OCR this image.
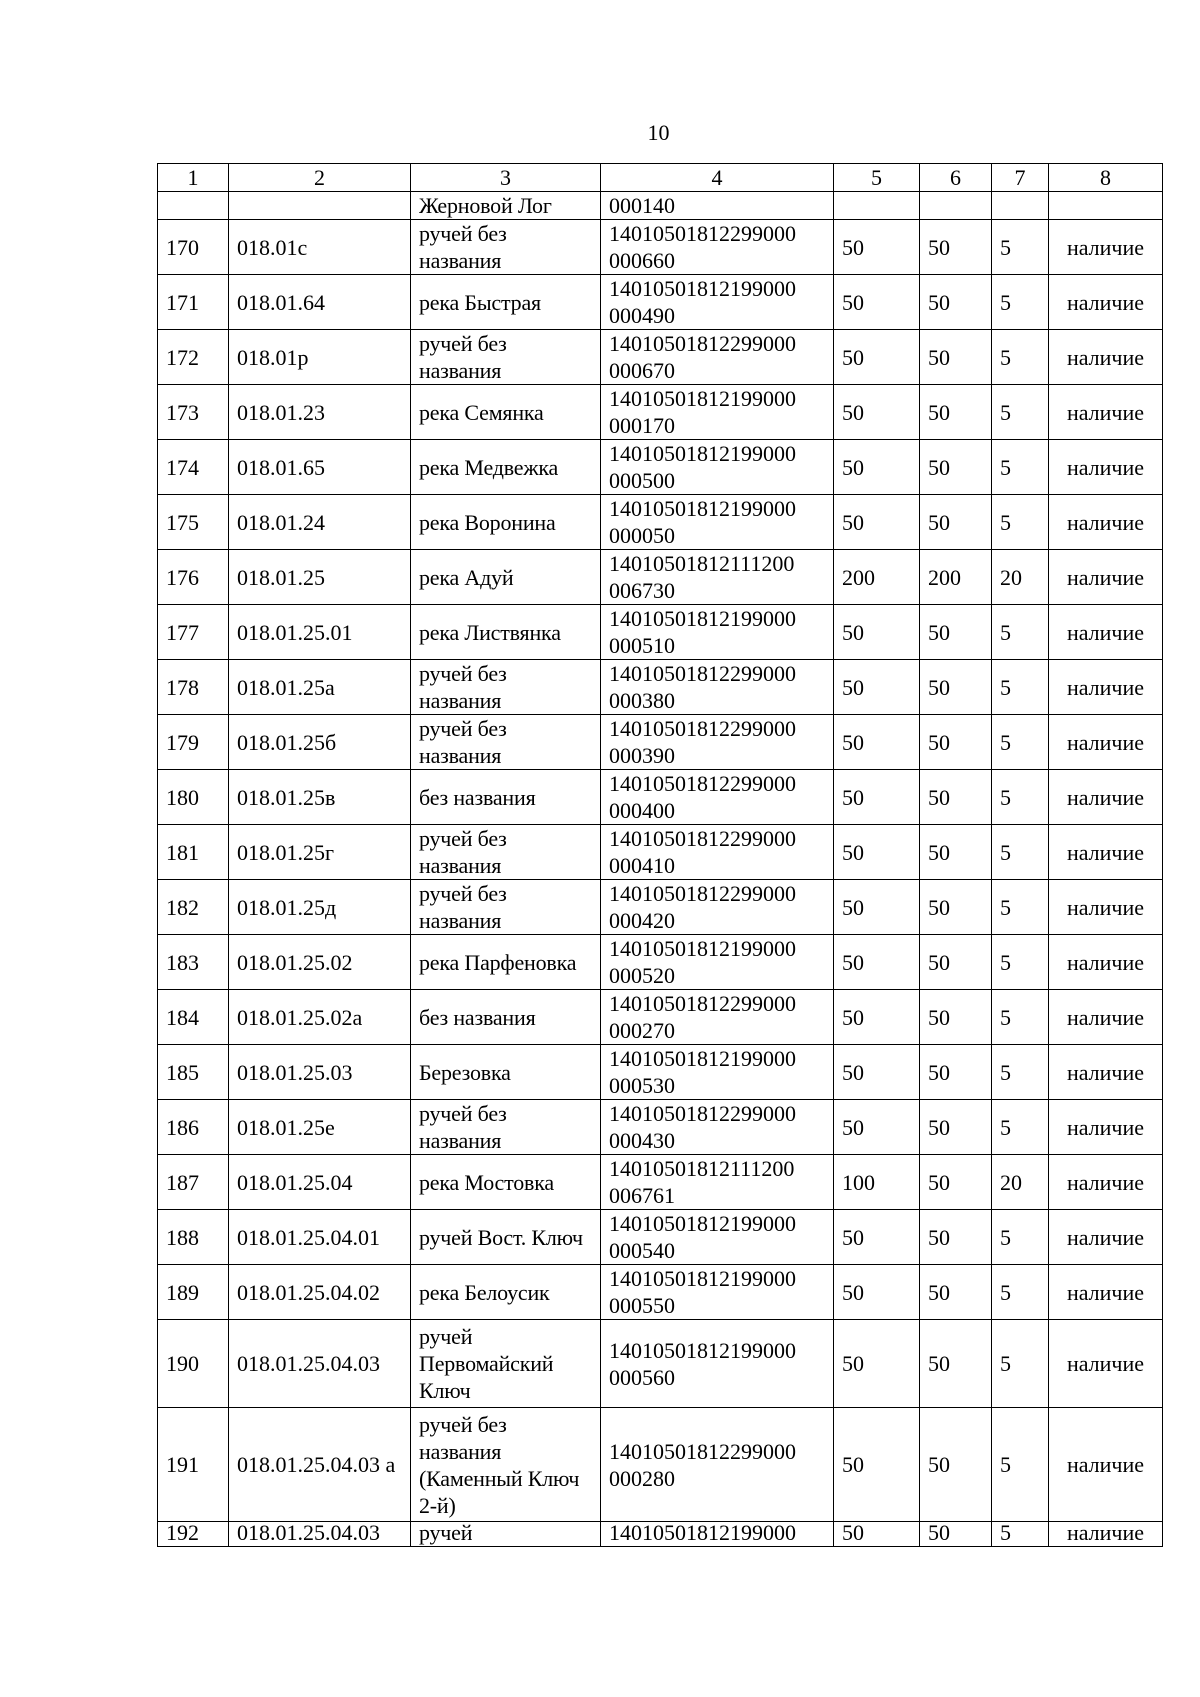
10
1	2	3	4	5	6	7	8
		Жерновой Лог	000140				
170	018.01с	ручей без названия	14010501812299000 000660	50	50	5	наличие
171	018.01.64	река Быстрая	14010501812199000 000490	50	50	5	наличие
172	018.01р	ручей без названия	14010501812299000 000670	50	50	5	наличие
173	018.01.23	река Семянка	14010501812199000 000170	50	50	5	наличие
174	018.01.65	река Медвежка	14010501812199000 000500	50	50	5	наличие
175	018.01.24	река Воронина	14010501812199000 000050	50	50	5	наличие
176	018.01.25	река Адуй	14010501812111200 006730	200	200	20	наличие
177	018.01.25.01	река Листвянка	14010501812199000 000510	50	50	5	наличие
178	018.01.25а	ручей без названия	14010501812299000 000380	50	50	5	наличие
179	018.01.25б	ручей без названия	14010501812299000 000390	50	50	5	наличие
180	018.01.25в	без названия	14010501812299000 000400	50	50	5	наличие
181	018.01.25г	ручей без названия	14010501812299000 000410	50	50	5	наличие
182	018.01.25д	ручей без названия	14010501812299000 000420	50	50	5	наличие
183	018.01.25.02	река Парфеновка	14010501812199000 000520	50	50	5	наличие
184	018.01.25.02а	без названия	14010501812299000 000270	50	50	5	наличие
185	018.01.25.03	Березовка	14010501812199000 000530	50	50	5	наличие
186	018.01.25е	ручей без названия	14010501812299000 000430	50	50	5	наличие
187	018.01.25.04	река Мостовка	14010501812111200 006761	100	50	20	наличие
188	018.01.25.04.01	ручей Вост. Ключ	14010501812199000 000540	50	50	5	наличие
189	018.01.25.04.02	река Белоусик	14010501812199000 000550	50	50	5	наличие
190	018.01.25.04.03	ручей Первомайский Ключ	14010501812199000 000560	50	50	5	наличие
191	018.01.25.04.03 а	ручей без названия (Каменный Ключ 2-й)	14010501812299000 000280	50	50	5	наличие
192	018.01.25.04.03	ручей	14010501812199000	50	50	5	наличие
